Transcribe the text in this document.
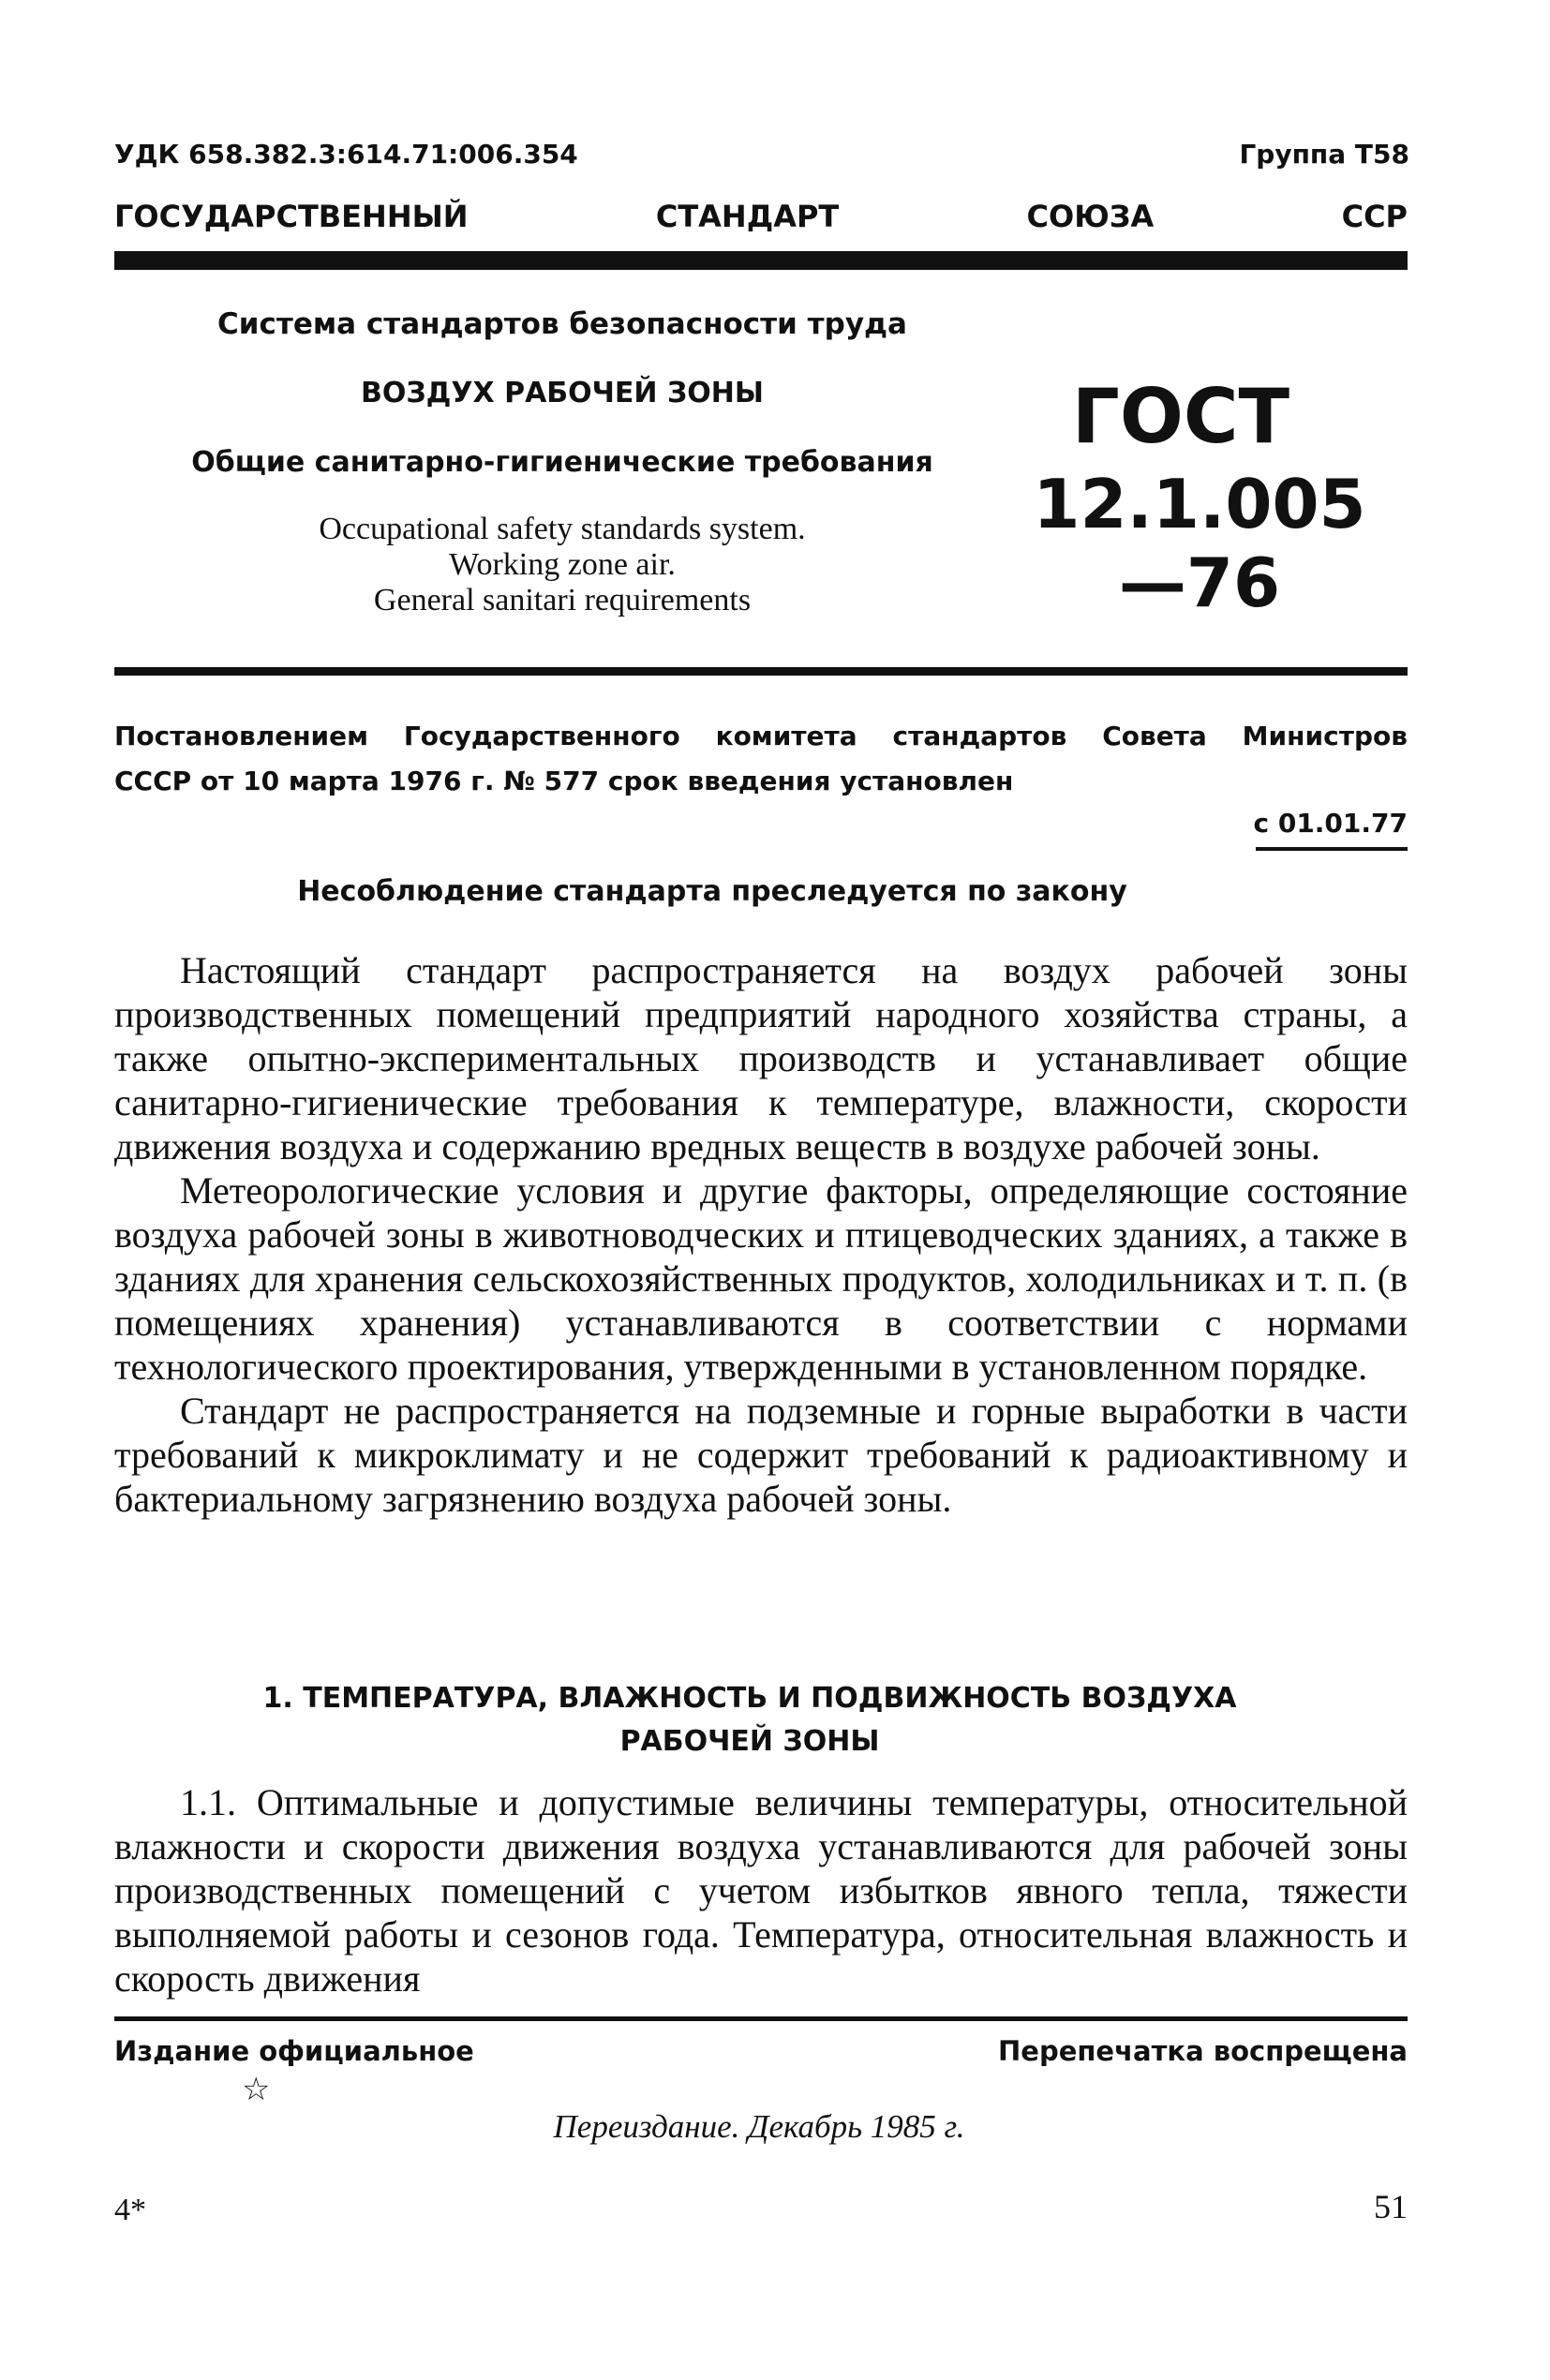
УДК 658.382.3:614.71:006.354	Группа Т58
ГОСУДАРСТВЕННЫЙ	СТАНДАРТ	СОЮЗА	ССР
Система стандартов безопасности труда
ВОЗДУХ РАБОЧЕЙ ЗОНЫ
Общие санитарно-гигиенические требования
Occupational safety standards system.
Working zone air.
General sanitari requirements
ГОСТ
12.1.005—76
Постановлением Государственного комитета стандартов Совета Министров
СССР от 10 марта 1976 г. № 577 срок введения установлен
с 01.01.77
Несоблюдение стандарта преследуется по закону

Настоящий стандарт распространяется на воздух рабочей зоны производственных помещений предприятий народного хозяйства страны, а также опытно-экспериментальных производств и устанавливает общие санитарно-гигиенические требования к температуре, влажности, скорости движения воздуха и содержанию вредных веществ в воздухе рабочей зоны.

Метеорологические условия и другие факторы, определяющие состояние воздуха рабочей зоны в животноводческих и птицеводческих зданиях, а также в зданиях для хранения сельскохозяйственных продуктов, холодильниках и т. п. (в помещениях хранения) устанавливаются в соответствии с нормами технологического проектирования, утвержденными в установленном порядке.

Стандарт не распространяется на подземные и горные выработки в части требований к микроклимату и не содержит требований к радиоактивному и бактериальному загрязнению воздуха рабочей зоны.

1. ТЕМПЕРАТУРА, ВЛАЖНОСТЬ И ПОДВИЖНОСТЬ ВОЗДУХА
РАБОЧЕЙ ЗОНЫ

1.1. Оптимальные и допустимые величины температуры, относительной влажности и скорости движения воздуха устанавливаются для рабочей зоны производственных помещений с учетом избытков явного тепла, тяжести выполняемой работы и сезонов года. Температура, относительная влажность и скорость движения

Издание официальное	Перепечатка воспрещена
☆
Переиздание. Декабрь 1985 г.
4*	51
